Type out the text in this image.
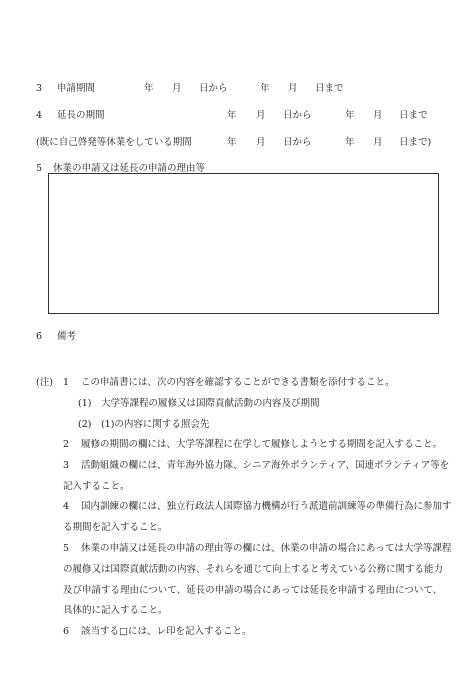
3 申請期間	年 月 日から	年 月 日まで
4 延長の期間	年 月 日から	年 月 日まで
(既に自己啓発等休業をしている期間	年 月 日から	年 月 日まで)
5 休業の申請又は延長の申請の理由等
6 備考
(注) 1 この申請書には、次の内容を確認することができる書類を添付すること。
(1)　大学等課程の履修又は国際貢献活動の内容及び期間
(2)　(1)の内容に関する照会先
2 履修の期間の欄には、大学等課程に在学して履修しようとする期間を記入すること。
3 活動組織の欄には、青年海外協力隊、シニア海外ボランティア、国連ボランティア等を
記入すること。
4 国内訓練の欄には、独立行政法人国際協力機構が行う派遣前訓練等の準備行為に参加す
る期間を記入すること。
5 休業の申請又は延長の申請の理由等の欄には、休業の申請の場合にあっては大学等課程
の履修又は国際貢献活動の内容、それらを通じて向上すると考えている公務に関する能力
及び申請する理由について、延長の申請の場合にあっては延長を申請する理由について、
具体的に記入すること。
6 該当する□には、レ印を記入すること。
